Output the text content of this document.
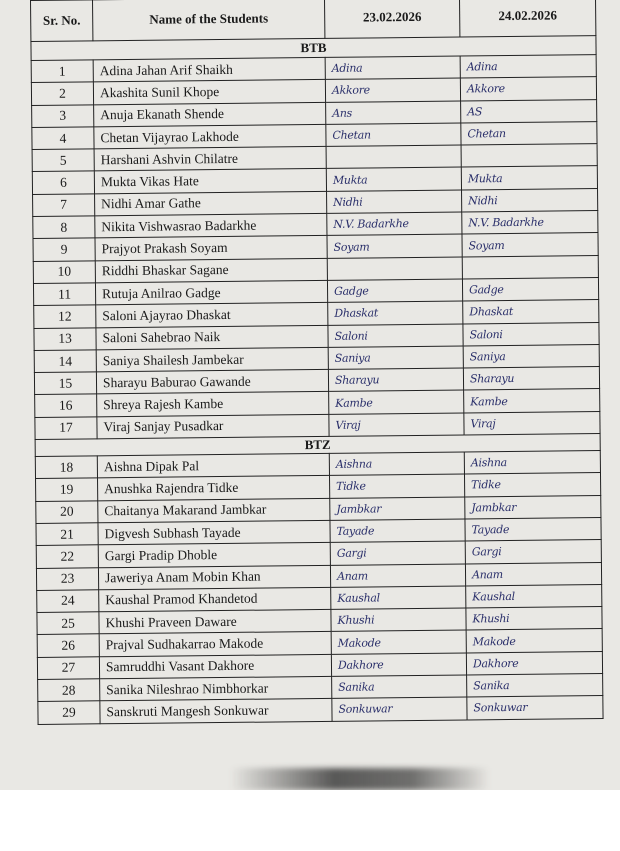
Sr. No.	Name of the Students	23.02.2026	24.02.2026
BTB			
1	Adina Jahan Arif Shaikh	Adina	Adina
2	Akashita Sunil Khope	Akkore	Akkore
3	Anuja Ekanath Shende	Ans	AS
4	Chetan Vijayrao Lakhode	Chetan	Chetan
5	Harshani Ashvin Chilatre		
6	Mukta Vikas Hate	Mukta	Mukta
7	Nidhi Amar Gathe	Nidhi	Nidhi
8	Nikita Vishwasrao Badarkhe	N.V. Badarkhe	N.V. Badarkhe
9	Prajyot Prakash Soyam	Soyam	Soyam
10	Riddhi Bhaskar Sagane		
11	Rutuja Anilrao Gadge	Gadge	Gadge
12	Saloni Ajayrao Dhaskat	Dhaskat	Dhaskat
13	Saloni Sahebrao Naik	Saloni	Saloni
14	Saniya Shailesh Jambekar	Saniya	Saniya
15	Sharayu Baburao Gawande	Sharayu	Sharayu
16	Shreya Rajesh Kambe	Kambe	Kambe
17	Viraj Sanjay Pusadkar	Viraj	Viraj
BTZ			
18	Aishna Dipak Pal	Aishna	Aishna
19	Anushka Rajendra Tidke	Tidke	Tidke
20	Chaitanya Makarand Jambkar	Jambkar	Jambkar
21	Digvesh Subhash Tayade	Tayade	Tayade
22	Gargi Pradip Dhoble	Gargi	Gargi
23	Jaweriya Anam Mobin Khan	Anam	Anam
24	Kaushal Pramod Khandetod	Kaushal	Kaushal
25	Khushi Praveen Daware	Khushi	Khushi
26	Prajval Sudhakarrao Makode	Makode	Makode
27	Samruddhi Vasant Dakhore	Dakhore	Dakhore
28	Sanika Nileshrao Nimbhorkar	Sanika	Sanika
29	Sanskruti Mangesh Sonkuwar	Sonkuwar	Sonkuwar
